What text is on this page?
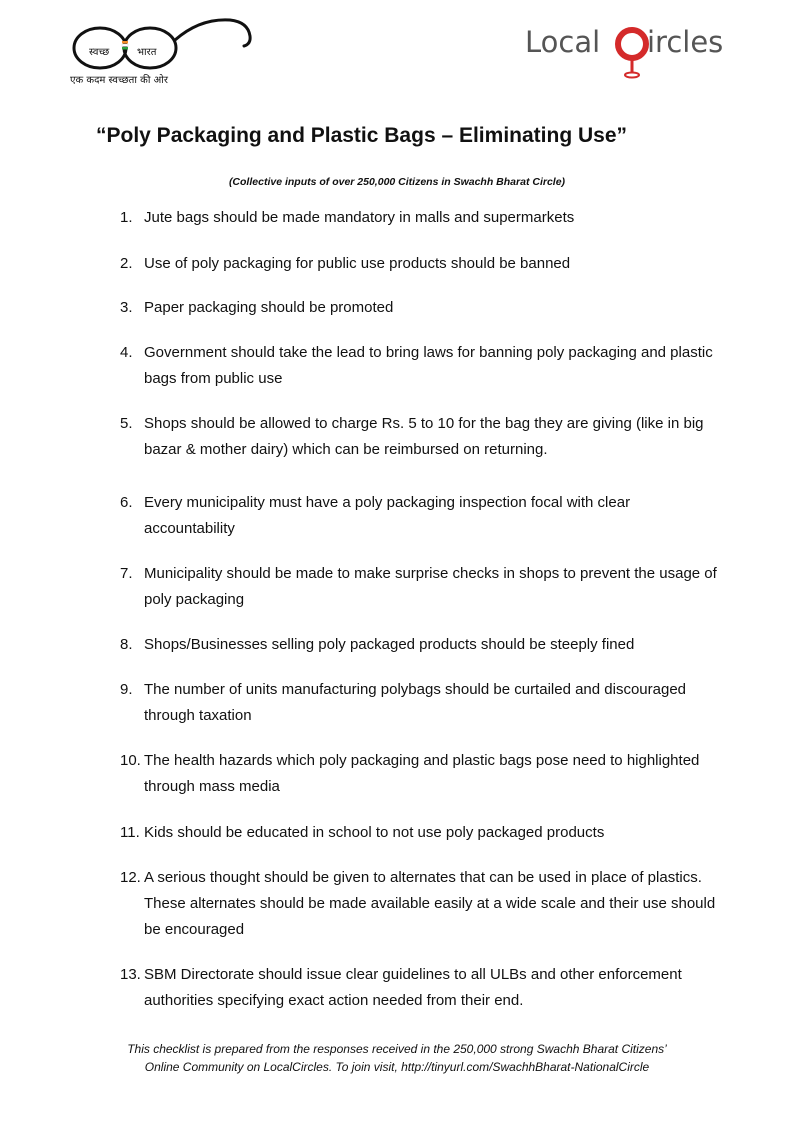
स्वच्छ	भारत
एक कदम स्वच्छता की ओर
Local ircles
“Poly Packaging and Plastic Bags – Eliminating Use”
(Collective inputs of over 250,000 Citizens in Swachh Bharat Circle)
1. Jute bags should be made mandatory in malls and supermarkets
2. Use of poly packaging for public use products should be banned
3. Paper packaging should be promoted
4. Government should take the lead to bring laws for banning poly packaging and plastic bags from public use
5. Shops should be allowed to charge Rs. 5 to 10 for the bag they are giving (like in big bazar & mother dairy) which can be reimbursed on returning.
6. Every municipality must have a poly packaging inspection focal with clear accountability
7. Municipality should be made to make surprise checks in shops to prevent the usage of poly packaging
8. Shops/Businesses selling poly packaged products should be steeply fined
9. The number of units manufacturing polybags should be curtailed and discouraged through taxation
10. The health hazards which poly packaging and plastic bags pose need to highlighted through mass media
11. Kids should be educated in school to not use poly packaged products
12. A serious thought should be given to alternates that can be used in place of plastics. These alternates should be made available easily at a wide scale and their use should be encouraged
13. SBM Directorate should issue clear guidelines to all ULBs and other enforcement authorities specifying exact action needed from their end.
This checklist is prepared from the responses received in the 250,000 strong Swachh Bharat Citizens’
Online Community on LocalCircles. To join visit, http://tinyurl.com/SwachhBharat-NationalCircle
